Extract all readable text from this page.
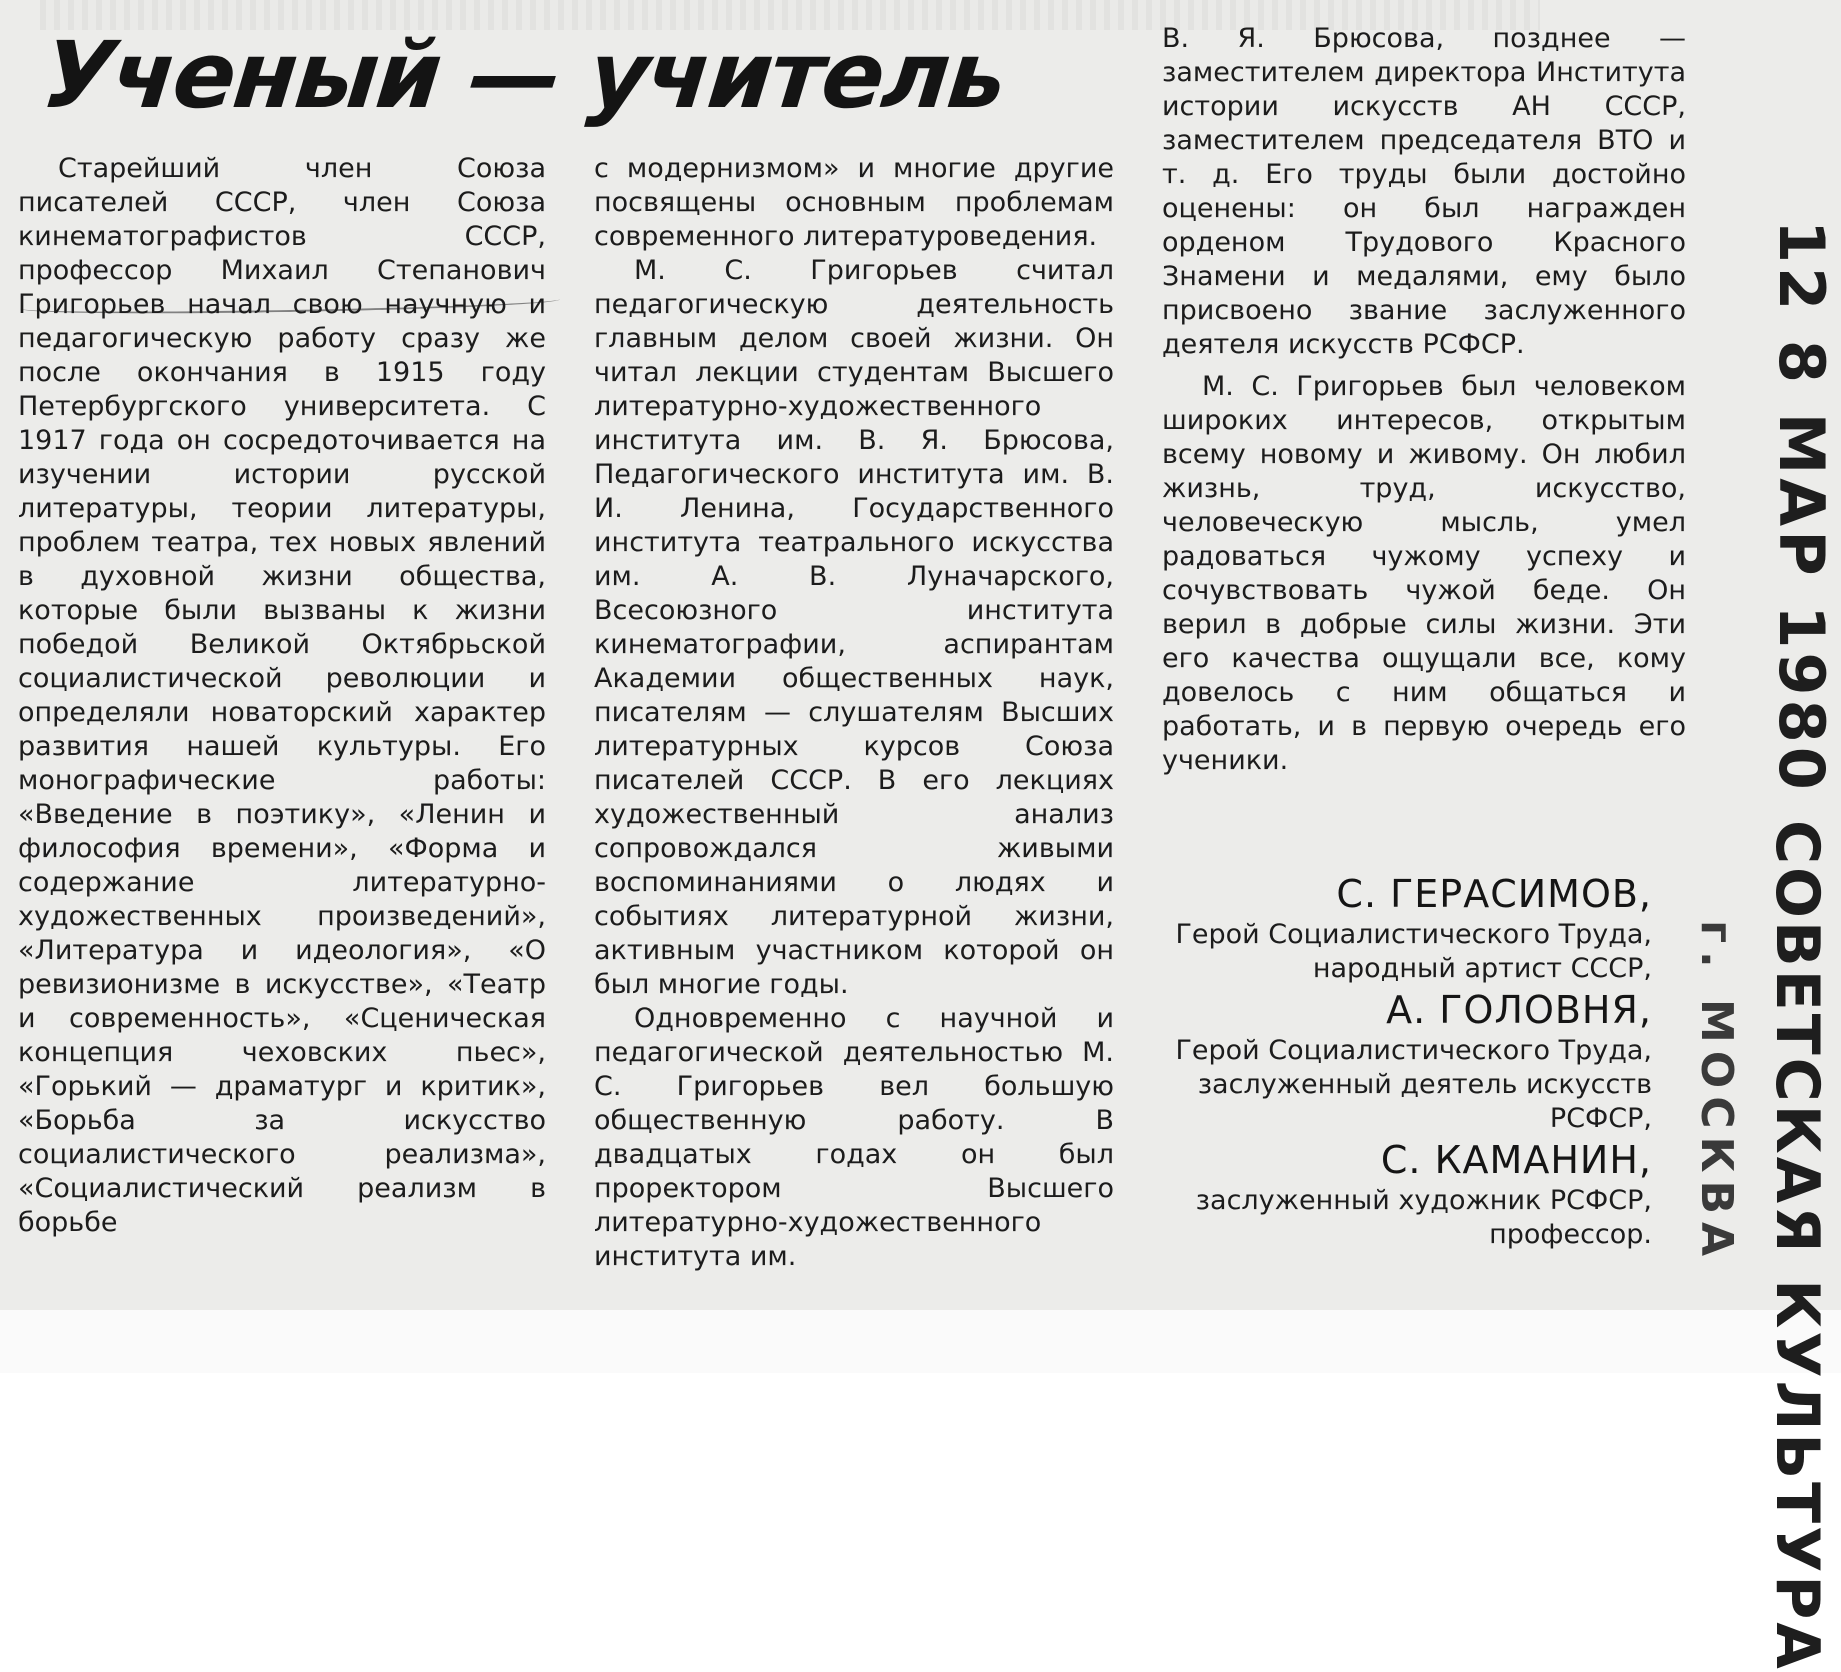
Ученый — учитель

Старейший член Союза писателей СССР, член Союза кинематографистов СССР, профессор Михаил Степанович Григорьев начал свою научную и педагогическую работу сразу же после окончания в 1915 году Петербургского университета. С 1917 года он сосредоточивается на изучении истории русской литературы, теории литературы, проблем театра, тех новых явлений в духовной жизни общества, которые были вызваны к жизни победой Великой Октябрьской социалистической революции и определяли новаторский характер развития нашей культуры. Его монографические работы: «Введение в поэтику», «Ленин и философия времени», «Форма и содержание литературно-художественных произведений», «Литература и идеология», «О ревизионизме в искусстве», «Театр и современность», «Сценическая концепция чеховских пьес», «Горький — драматург и критик», «Борьба за искусство социалистического реализма», «Социалистический реализм в борьбе

с модернизмом» и многие другие посвящены основным проблемам современного литературоведения.

М. С. Григорьев считал педагогическую деятельность главным делом своей жизни. Он читал лекции студентам Высшего литературно-художественного института им. В. Я. Брюсова, Педагогического института им. В. И. Ленина, Государственного института театрального искусства им. А. В. Луначарского, Всесоюзного института кинематографии, аспирантам Академии общественных наук, писателям — слушателям Высших литературных курсов Союза писателей СССР. В его лекциях художественный анализ сопровождался живыми воспоминаниями о людях и событиях литературной жизни, активным участником которой он был многие годы.

Одновременно с научной и педагогической деятельностью М. С. Григорьев вел большую общественную работу. В двадцатых годах он был проректором Высшего литературно-художественного института им.

В. Я. Брюсова, позднее — заместителем директора Института истории искусств АН СССР, заместителем председателя ВТО и т. д. Его труды были достойно оценены: он был награжден орденом Трудового Красного Знамени и медалями, ему было присвоено звание заслуженного деятеля искусств РСФСР.

М. С. Григорьев был человеком широких интересов, открытым всему новому и живому. Он любил жизнь, труд, искусство, человеческую мысль, умел радоваться чужому успеху и сочувствовать чужой беде. Он верил в добрые силы жизни. Эти его качества ощущали все, кому довелось с ним общаться и работать, и в первую очередь его ученики.

С. ГЕРАСИМОВ,
Герой Социалистического Труда, народный артист СССР,
А. ГОЛОВНЯ,
Герой Социалистического Труда, заслуженный деятель искусств РСФСР,
С. КАМАНИН,
заслуженный художник РСФСР, профессор.
12 8 МАР 1980
СОВЕТСКАЯ КУЛЬТУРА
г. МОСКВА
